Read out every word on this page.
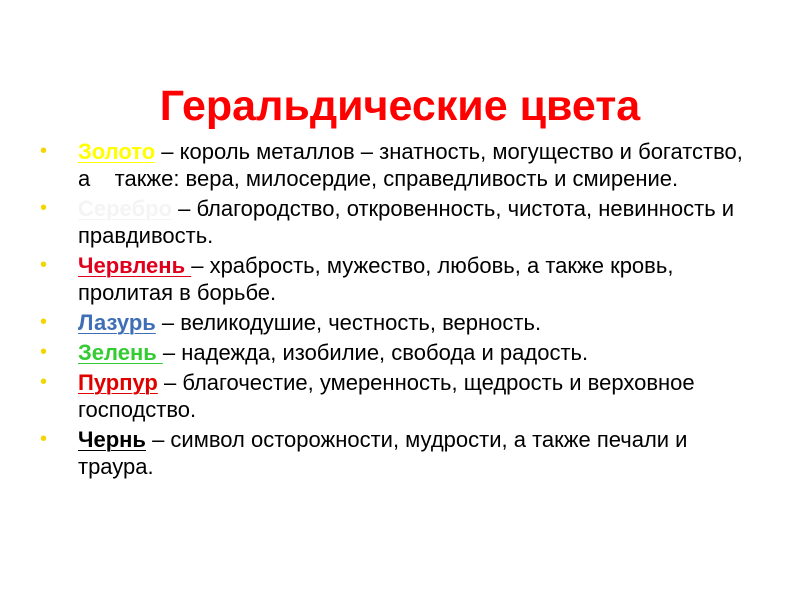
Геральдические цвета
• Золото – король металлов – знатность, могущество и богатство, а    также: вера, милосердие, справедливость и смирение.
• Серебро – благородство, откровенность, чистота, невинность и правдивость.
• Червлень – храбрость, мужество, любовь, а также кровь, пролитая в борьбе.
• Лазурь – великодушие, честность, верность.
• Зелень – надежда, изобилие, свобода и радость.
• Пурпур – благочестие, умеренность, щедрость и верховное господство.
• Чернь – символ осторожности, мудрости, а также печали и траура.
